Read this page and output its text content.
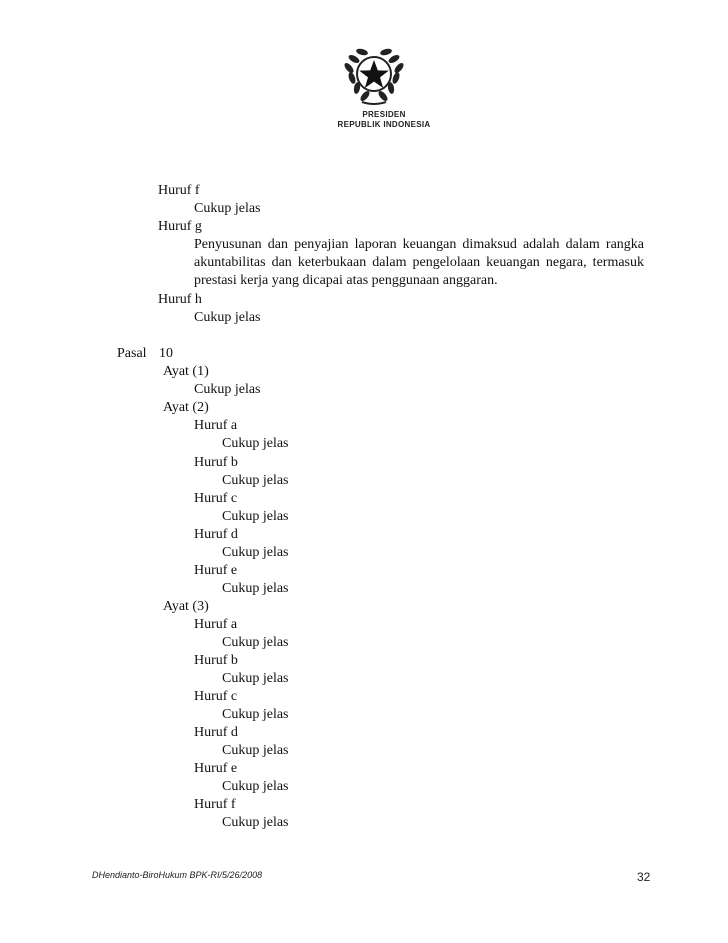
PRESIDEN
REPUBLIK INDONESIA
Huruf f
Cukup jelas
Huruf g

Penyusunan dan penyajian laporan keuangan dimaksud adalah dalam rangka akuntabilitas dan keterbukaan dalam pengelolaan keuangan negara, termasuk prestasi kerja yang dicapai atas penggunaan anggaran.

Huruf h
Cukup jelas
Pasal 10
Ayat (1)
Cukup jelas
Ayat (2)
Huruf a
Cukup jelas
Huruf b
Cukup jelas
Huruf c
Cukup jelas
Huruf d
Cukup jelas
Huruf e
Cukup jelas
Ayat (3)
Huruf a
Cukup jelas
Huruf b
Cukup jelas
Huruf c
Cukup jelas
Huruf d
Cukup jelas
Huruf e
Cukup jelas
Huruf f
Cukup jelas
DHendianto-BiroHukum BPK-RI/5/26/2008	32
